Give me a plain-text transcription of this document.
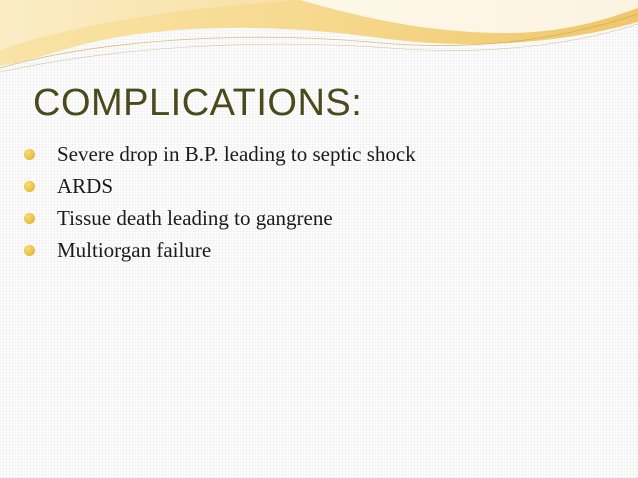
COMPLICATIONS:
Severe drop in B.P. leading to septic shock
ARDS
Tissue death leading to gangrene
Multiorgan failure
